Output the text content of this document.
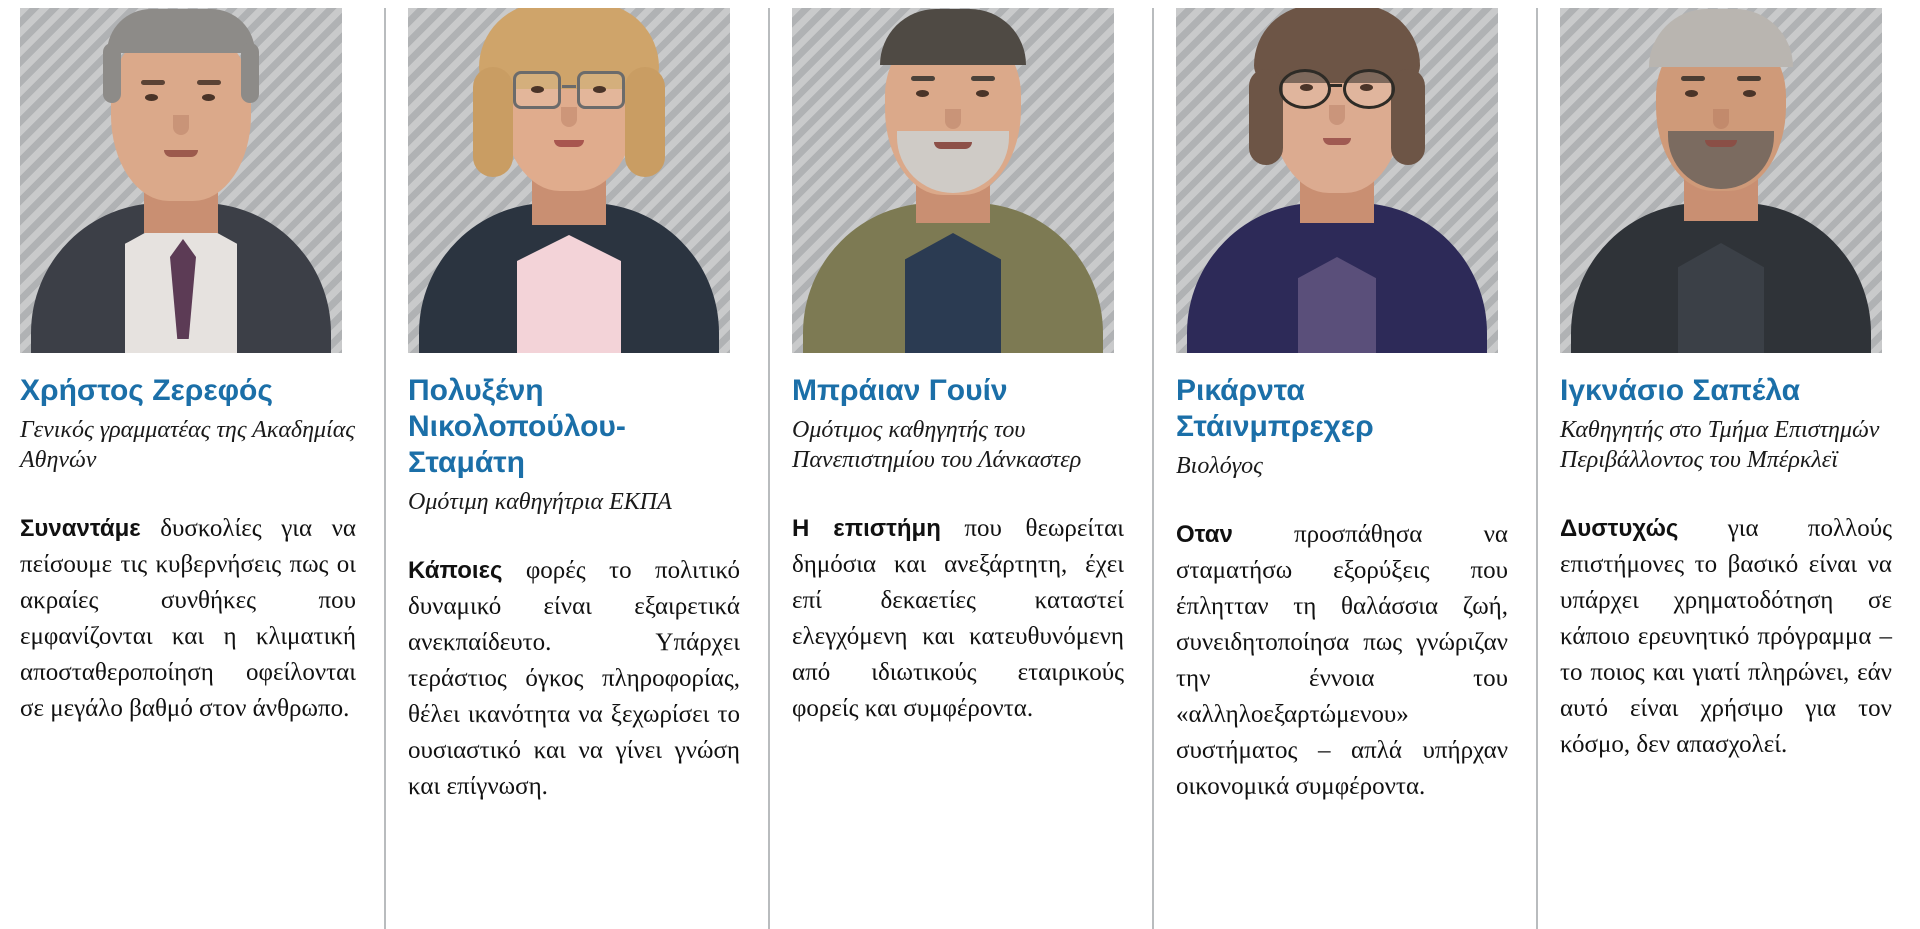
Χρήστος Ζερεφός
Γενικός γραμματέας της Ακαδημίας Αθηνών

Συναντάμε δυσκολίες για να πείσουμε τις κυβερνήσεις πως οι ακραίες συνθήκες που εμφανίζονται και η κλιματική αποσταθεροποίηση οφείλονται σε μεγάλο βαθμό στον άνθρωπο.

Πολυξένη Νικολοπούλου-Σταμάτη
Ομότιμη καθηγήτρια ΕΚΠΑ

Κάποιες φορές το πολιτικό δυναμικό είναι εξαιρετικά ανεκπαίδευτο. Υπάρχει τεράστιος όγκος πληροφορίας, θέλει ικανότητα να ξεχωρίσει το ουσιαστικό και να γίνει γνώση και επίγνωση.

Μπράιαν Γουίν
Ομότιμος καθηγητής του Πανεπιστημίου του Λάνκαστερ

Η επιστήμη που θεωρείται δημόσια και ανεξάρτητη, έχει επί δεκαετίες καταστεί ελεγχόμενη και κατευθυνόμενη από ιδιωτικούς εταιρικούς φορείς και συμφέροντα.

Ρικάρντα Στάινμπρεχερ
Βιολόγος

Οταν προσπάθησα να σταματήσω εξορύξεις που έπλητταν τη θαλάσσια ζωή, συνειδητοποίησα πως γνώριζαν την έννοια του «αλληλοεξαρτώμενου» συστήματος – απλά υπήρχαν οικονομικά συμφέροντα.

Ιγκνάσιο Σαπέλα
Καθηγητής στο Τμήμα Επιστημών Περιβάλλοντος του Μπέρκλεϊ

Δυστυχώς για πολλούς επιστήμονες το βασικό είναι να υπάρχει χρηματοδότηση σε κάποιο ερευνητικό πρόγραμμα – το ποιος και γιατί πληρώνει, εάν αυτό είναι χρήσιμο για τον κόσμο, δεν απασχολεί.
